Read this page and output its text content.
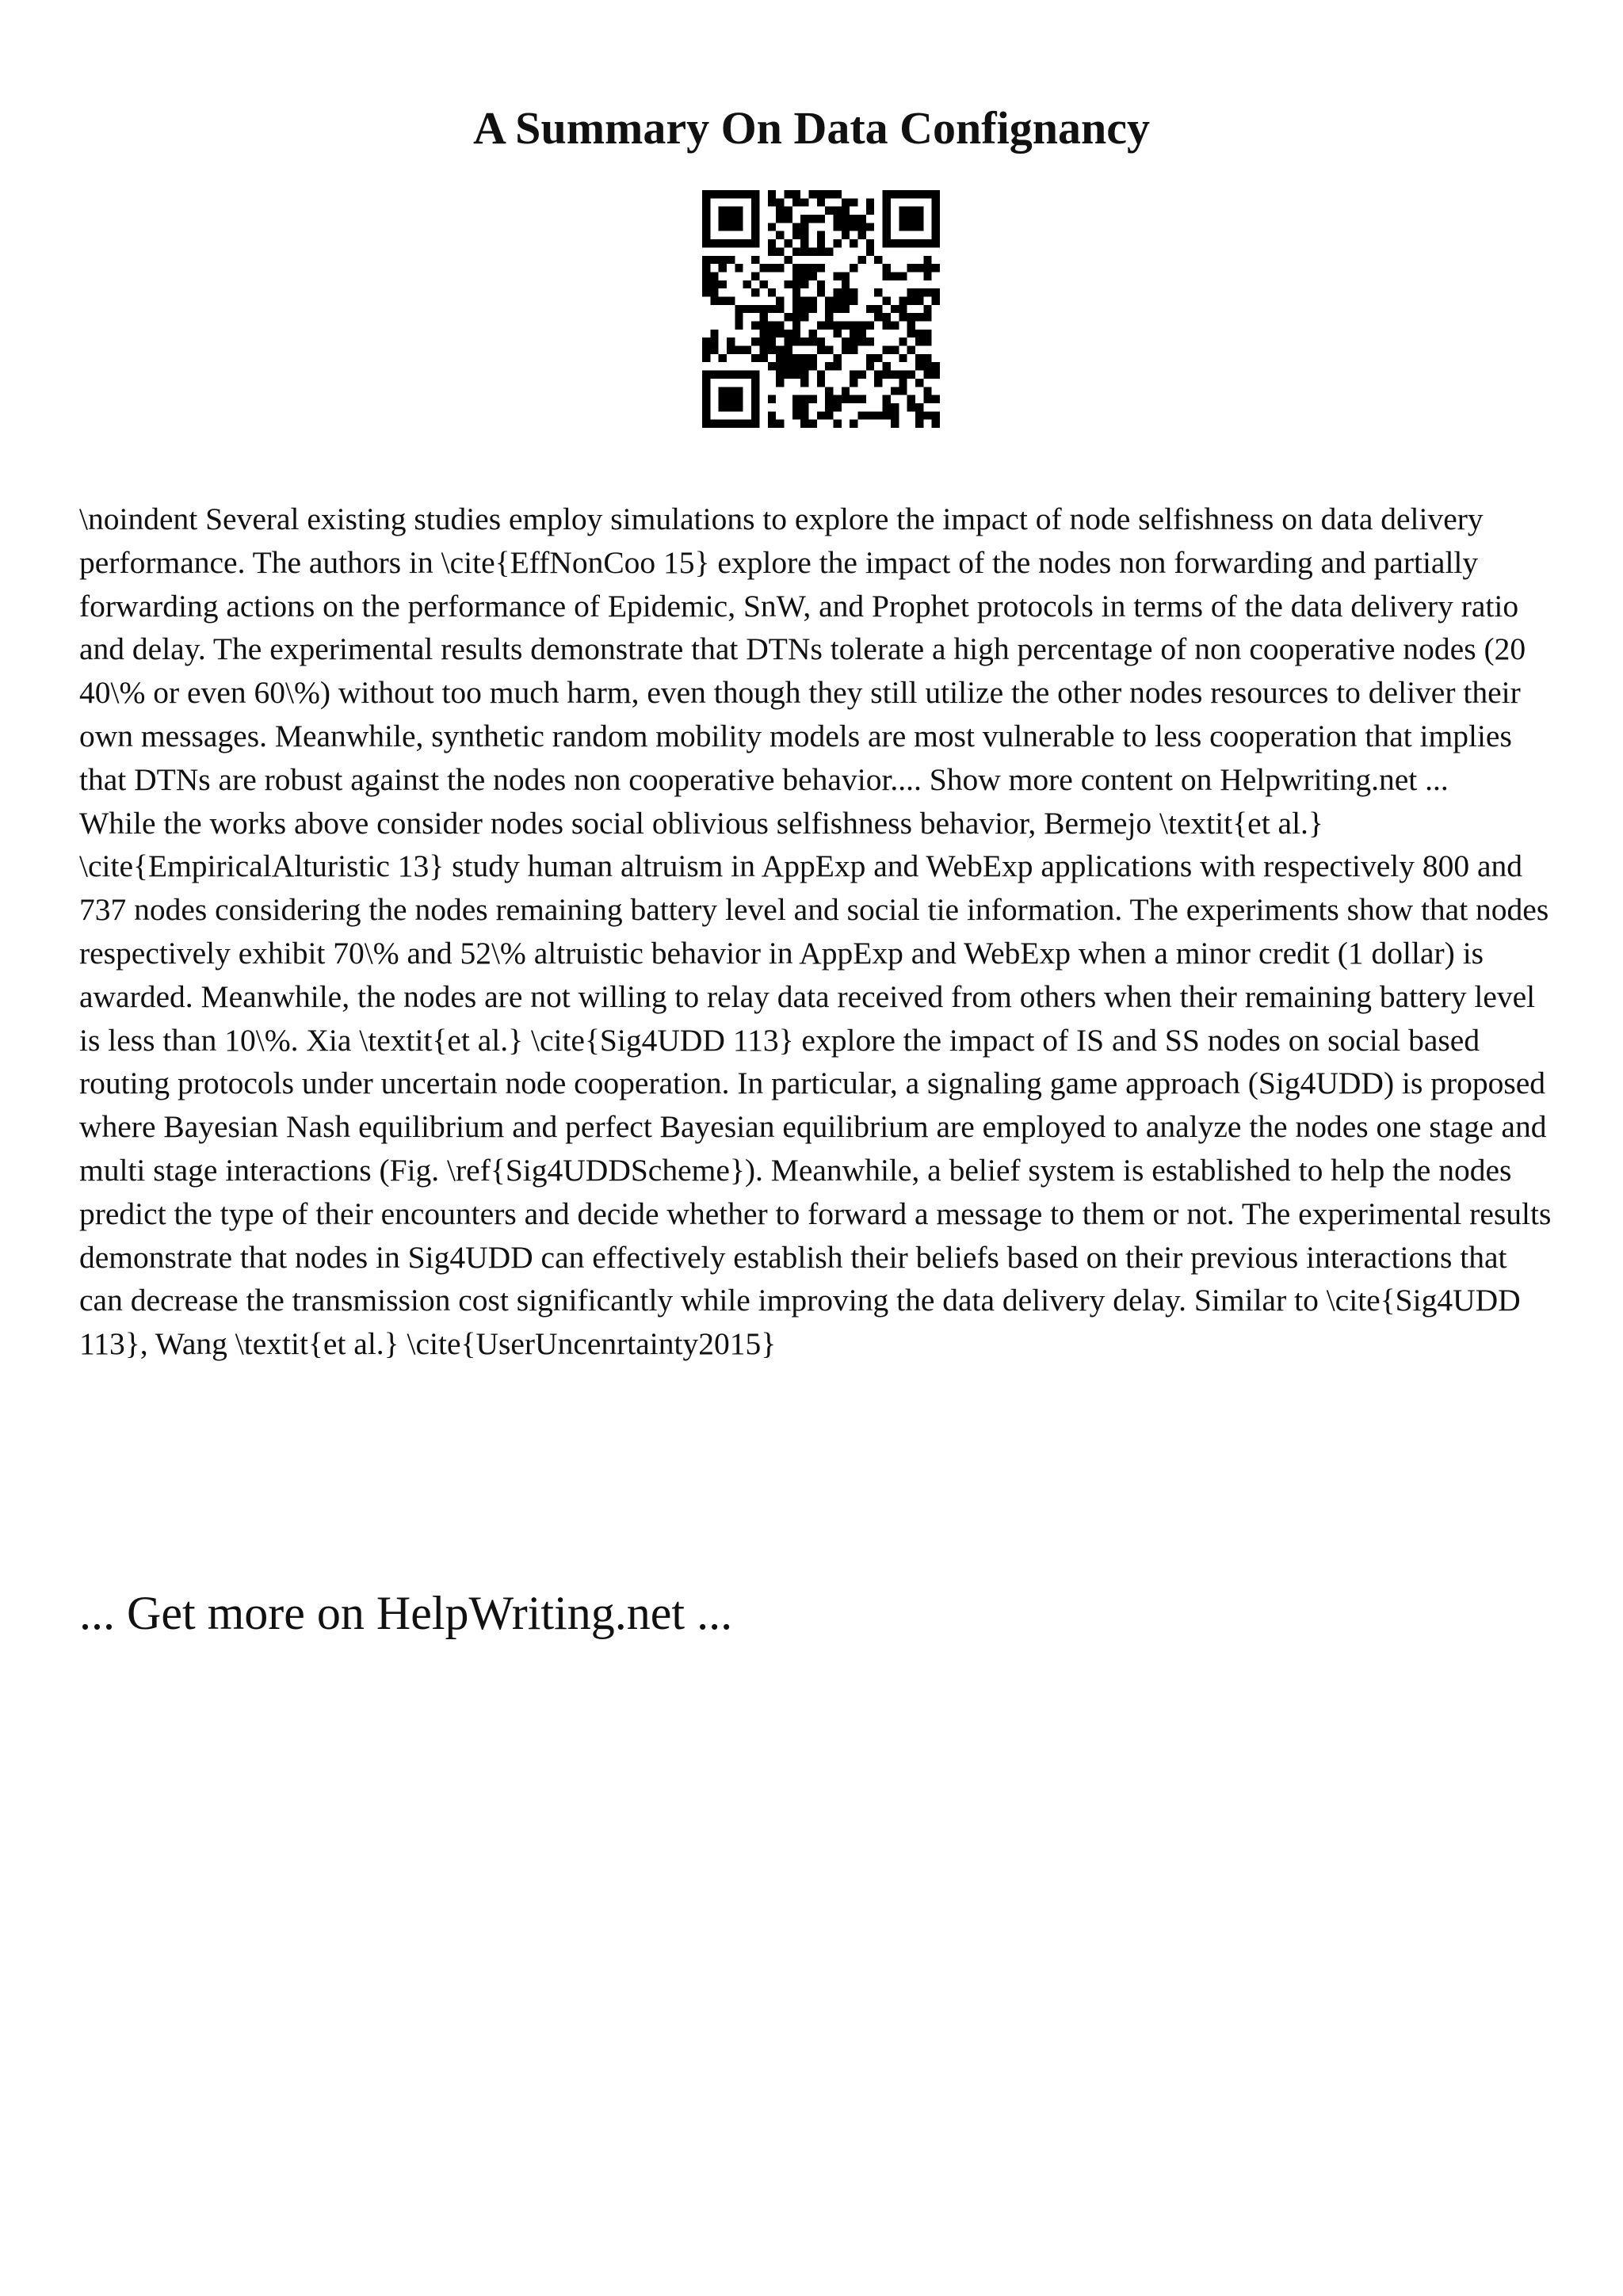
A Summary On Data Confignancy

\noindent Several existing studies employ simulations to explore the impact of node selfishness on data delivery performance. The authors in \cite{EffNonCoo 15} explore the impact of the nodes non forwarding and partially forwarding actions on the performance of Epidemic, SnW, and Prophet protocols in terms of the data delivery ratio and delay. The experimental results demonstrate that DTNs tolerate a high percentage of non cooperative nodes (20 40\% or even 60\%) without too much harm, even though they still utilize the other nodes resources to deliver their own messages. Meanwhile, synthetic random mobility models are most vulnerable to less cooperation that implies that DTNs are robust against the nodes non cooperative behavior.... Show more content on Helpwriting.net ...

While the works above consider nodes social oblivious selfishness behavior, Bermejo \textit{et al.} \cite{EmpiricalAlturistic 13} study human altruism in AppExp and WebExp applications with respectively 800 and 737 nodes considering the nodes remaining battery level and social tie information. The experiments show that nodes respectively exhibit 70\% and 52\% altruistic behavior in AppExp and WebExp when a minor credit (1 dollar) is awarded. Meanwhile, the nodes are not willing to relay data received from others when their remaining battery level is less than 10\%. Xia \textit{et al.} \cite{Sig4UDD 113} explore the impact of IS and SS nodes on social based routing protocols under uncertain node cooperation. In particular, a signaling game approach (Sig4UDD) is proposed where Bayesian Nash equilibrium and perfect Bayesian equilibrium are employed to analyze the nodes one stage and multi stage interactions (Fig. \ref{Sig4UDDScheme}). Meanwhile, a belief system is established to help the nodes predict the type of their encounters and decide whether to forward a message to them or not. The experimental results demonstrate that nodes in Sig4UDD can effectively establish their beliefs based on their previous interactions that can decrease the transmission cost significantly while improving the data delivery delay. Similar to \cite{Sig4UDD 113}, Wang \textit{et al.} \cite{UserUncenrtainty2015}

... Get more on HelpWriting.net ...
